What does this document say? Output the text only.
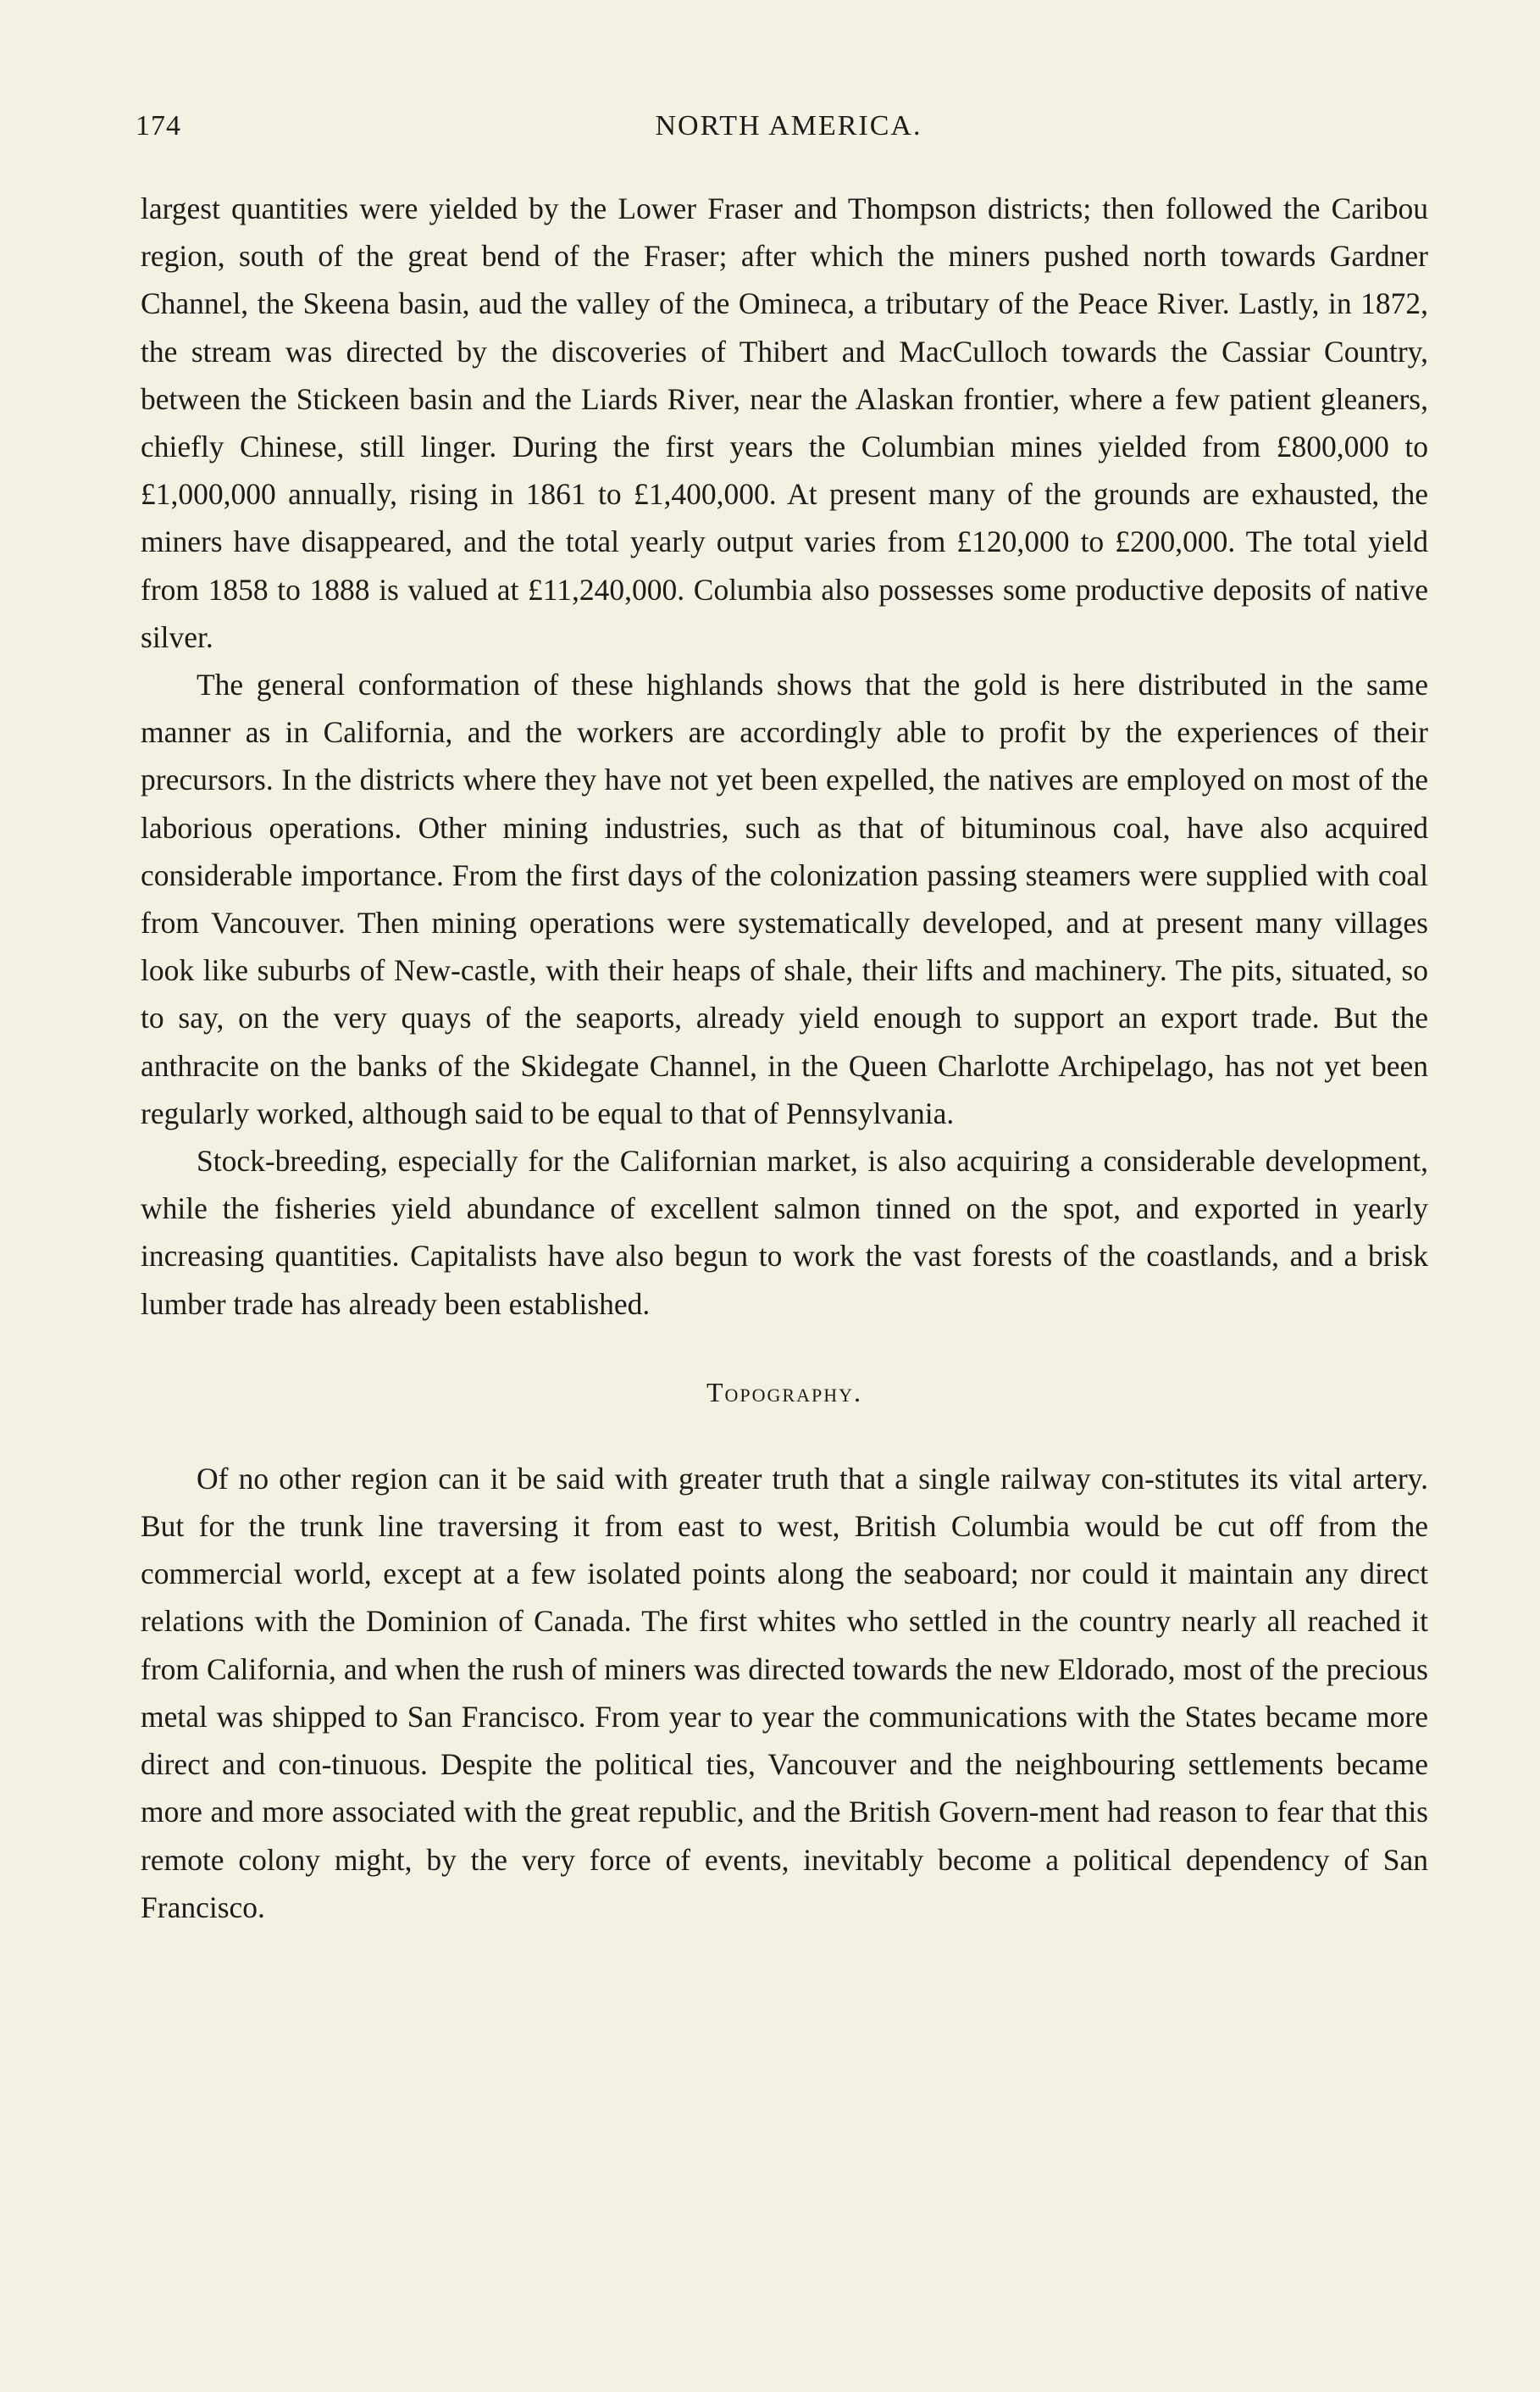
174	NORTH AMERICA.

largest quantities were yielded by the Lower Fraser and Thompson districts; then followed the Caribou region, south of the great bend of the Fraser; after which the miners pushed north towards Gardner Channel, the Skeena basin, aud the valley of the Omineca, a tributary of the Peace River. Lastly, in 1872, the stream was directed by the discoveries of Thibert and MacCulloch towards the Cassiar Country, between the Stickeen basin and the Liards River, near the Alaskan frontier, where a few patient gleaners, chiefly Chinese, still linger. During the first years the Columbian mines yielded from £800,000 to £1,000,000 annually, rising in 1861 to £1,400,000. At present many of the grounds are exhausted, the miners have disappeared, and the total yearly output varies from £120,000 to £200,000. The total yield from 1858 to 1888 is valued at £11,240,000. Columbia also possesses some productive deposits of native silver.

The general conformation of these highlands shows that the gold is here distributed in the same manner as in California, and the workers are accordingly able to profit by the experiences of their precursors. In the districts where they have not yet been expelled, the natives are employed on most of the laborious operations. Other mining industries, such as that of bituminous coal, have also acquired considerable importance. From the first days of the colonization passing steamers were supplied with coal from Vancouver. Then mining operations were systematically developed, and at present many villages look like suburbs of New-castle, with their heaps of shale, their lifts and machinery. The pits, situated, so to say, on the very quays of the seaports, already yield enough to support an export trade. But the anthracite on the banks of the Skidegate Channel, in the Queen Charlotte Archipelago, has not yet been regularly worked, although said to be equal to that of Pennsylvania.

Stock-breeding, especially for the Californian market, is also acquiring a considerable development, while the fisheries yield abundance of excellent salmon tinned on the spot, and exported in yearly increasing quantities. Capitalists have also begun to work the vast forests of the coastlands, and a brisk lumber trade has already been established.

Topography.

Of no other region can it be said with greater truth that a single railway con-stitutes its vital artery. But for the trunk line traversing it from east to west, British Columbia would be cut off from the commercial world, except at a few isolated points along the seaboard; nor could it maintain any direct relations with the Dominion of Canada. The first whites who settled in the country nearly all reached it from California, and when the rush of miners was directed towards the new Eldorado, most of the precious metal was shipped to San Francisco. From year to year the communications with the States became more direct and con-tinuous. Despite the political ties, Vancouver and the neighbouring settlements became more and more associated with the great republic, and the British Govern-ment had reason to fear that this remote colony might, by the very force of events, inevitably become a political dependency of San Francisco.
